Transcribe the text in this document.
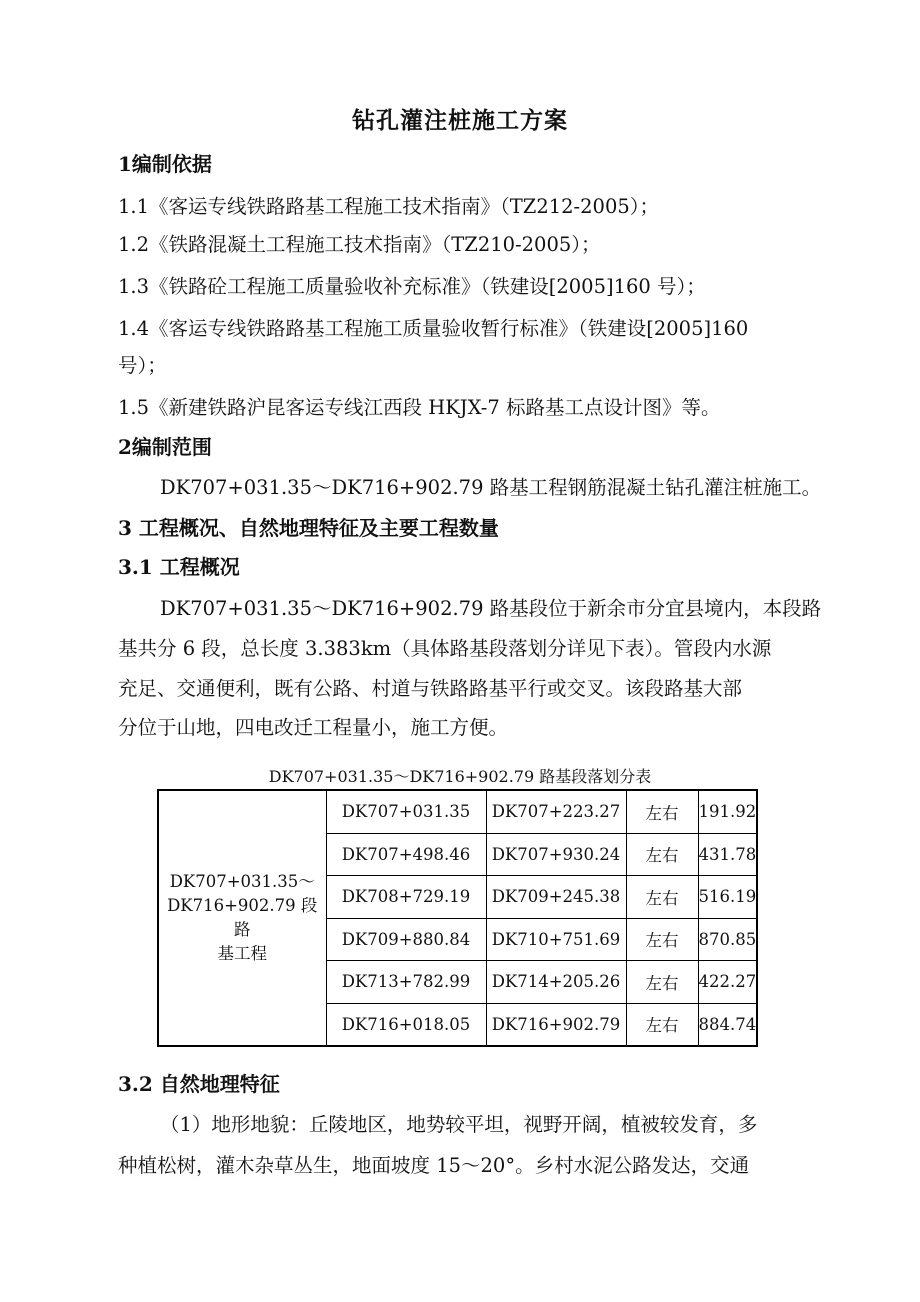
钻孔灌注桩施工方案
1编制依据
1.1《客运专线铁路路基工程施工技术指南》（TZ212-2005）；
1.2《铁路混凝土工程施工技术指南》（TZ210-2005）；
1.3《铁路砼工程施工质量验收补充标准》（铁建设[2005]160 号）；
1.4《客运专线铁路路基工程施工质量验收暂行标准》（铁建设[2005]160
号）；
1.5《新建铁路沪昆客运专线江西段 HKJX-7 标路基工点设计图》等。
2编制范围
DK707+031.35～DK716+902.79 路基工程钢筋混凝土钻孔灌注桩施工。
3 工程概况、自然地理特征及主要工程数量
3.1 工程概况
DK707+031.35～DK716+902.79 路基段位于新余市分宜县境内，本段路
基共分 6 段，总长度 3.383km（具体路基段落划分详见下表）。管段内水源
充足、交通便利，既有公路、村道与铁路路基平行或交叉。该段路基大部
分位于山地，四电改迁工程量小，施工方便。
DK707+031.35～DK716+902.79 路基段落划分表
DK707+031.35～
DK716+902.79 段路
基工程	DK707+031.35	DK707+223.27	左右	191.92
	DK707+498.46	DK707+930.24	左右	431.78
	DK708+729.19	DK709+245.38	左右	516.19
	DK709+880.84	DK710+751.69	左右	870.85
	DK713+782.99	DK714+205.26	左右	422.27
	DK716+018.05	DK716+902.79	左右	884.74
3.2 自然地理特征
（1）地形地貌：丘陵地区，地势较平坦，视野开阔，植被较发育，多
种植松树，灌木杂草丛生，地面坡度 15～20°。乡村水泥公路发达，交通
